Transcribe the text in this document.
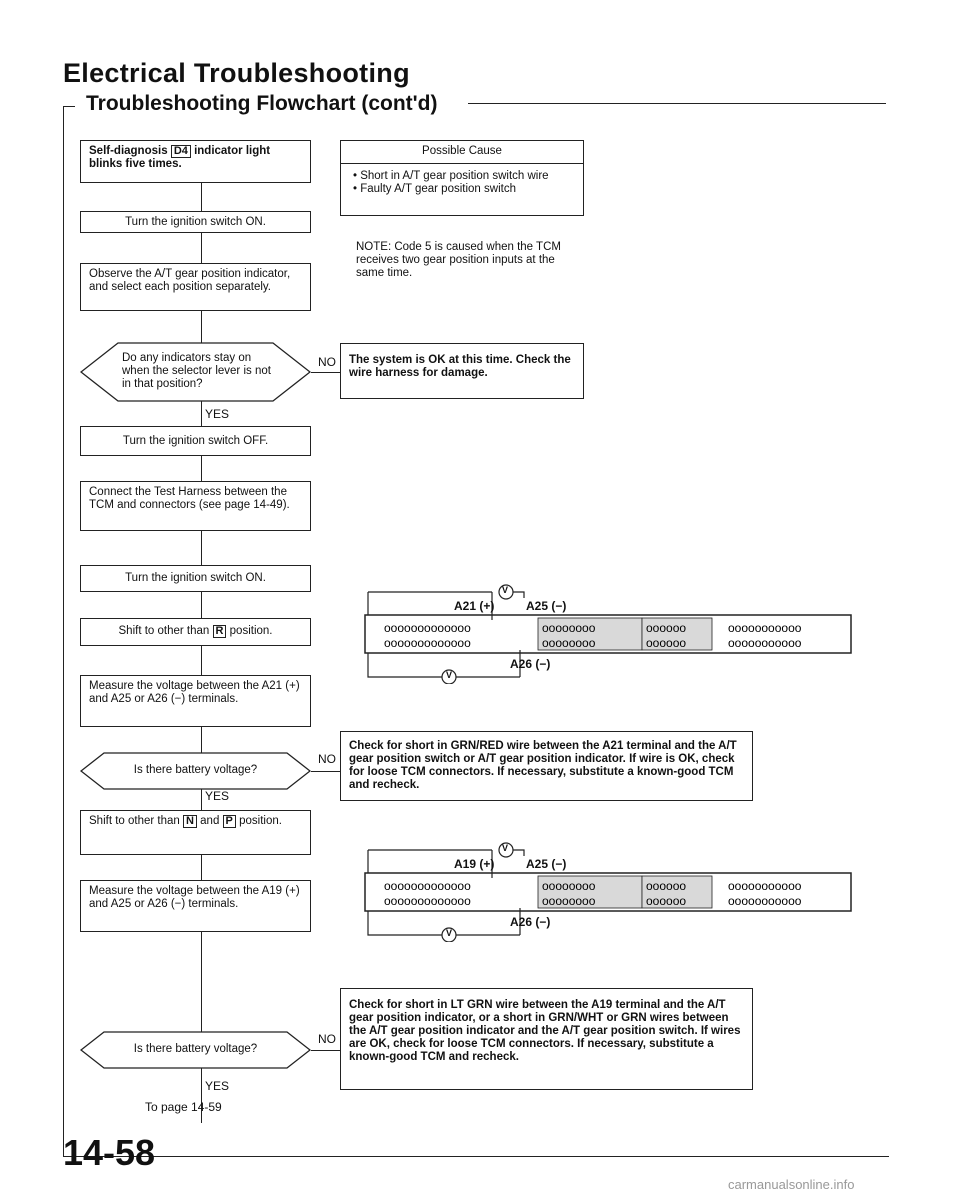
Electrical Troubleshooting
Troubleshooting Flowchart (cont'd)
Self-diagnosis D4 indicator light blinks five times.
Turn the ignition switch ON.
Observe the A/T gear position indicator, and select each position separately.
Do any indicators stay on when the selector lever is not in that position?
YES
NO
Turn the ignition switch OFF.
Connect the Test Harness between the TCM and connectors (see page 14-49).
Turn the ignition switch ON.
Shift to other than R position.
Measure the voltage between the A21 (+) and A25 or A26 (−) terminals.
Is there battery voltage?
YES
NO
Shift to other than N and P position.
Measure the voltage between the A19 (+) and A25 or A26 (−) terminals.
Is there battery voltage?
NO
YES
To page 14-59
Possible Cause
• Short in A/T gear position switch wire
• Faulty A/T gear position switch
NOTE: Code 5 is caused when the TCM receives two gear position inputs at the same time.
The system is OK at this time. Check the wire harness for damage.
ooooooooooooo
ooooooooooooo
oooooooo
oooooooo
oooooo
oooooo
ooooooooooo
ooooooooooo
V
V
A21 (+)	A25 (−)
A26 (−)
Check for short in GRN/RED wire between the A21 terminal and the A/T gear position switch or A/T gear position indicator. If wire is OK, check for loose TCM connectors. If necessary, substitute a known-good TCM and recheck.
ooooooooooooo
ooooooooooooo
oooooooo
oooooooo
oooooo
oooooo
ooooooooooo
ooooooooooo
V
V
A19 (+)	A25 (−)
A26 (−)
Check for short in LT GRN wire between the A19 terminal and the A/T gear position indicator, or a short in GRN/WHT or GRN wires between the A/T gear position indicator and the A/T gear position switch. If wires are OK, check for loose TCM connectors. If necessary, substitute a known-good TCM and recheck.
14-58
carmanualsonline.info
